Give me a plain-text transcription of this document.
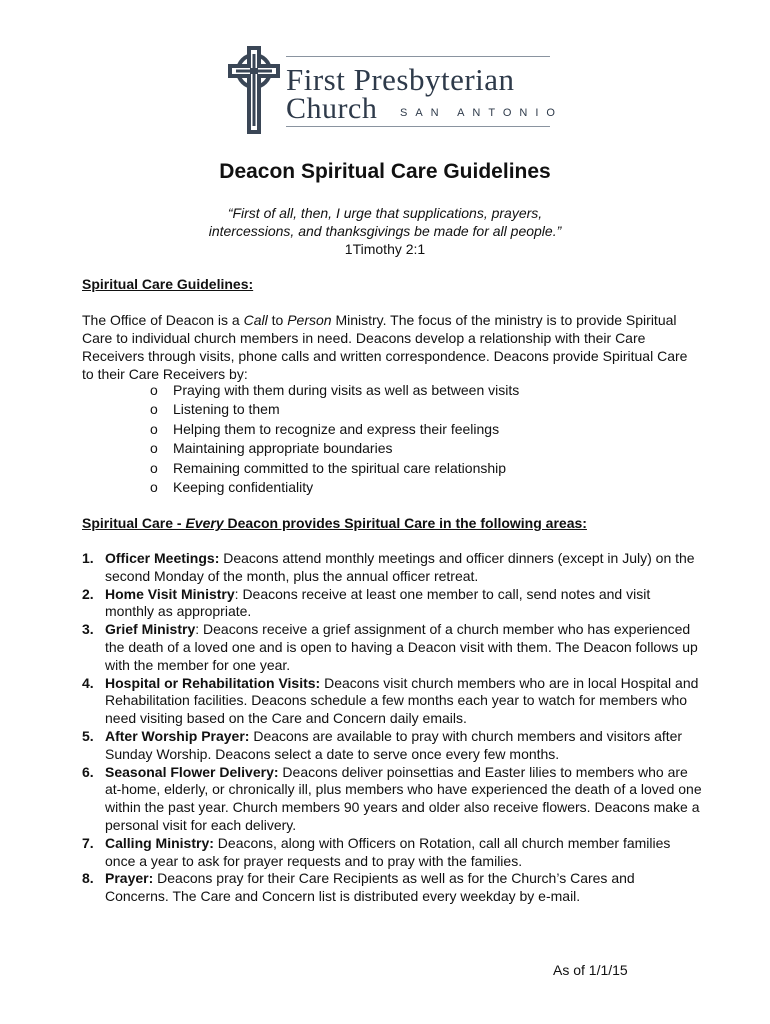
First Presbyterian
Church SAN ANTONIO
Deacon Spiritual Care Guidelines
“First of all, then, I urge that supplications, prayers,
intercessions, and thanksgivings be made for all people.”
1Timothy 2:1
Spiritual Care Guidelines:
The Office of Deacon is a Call to Person Ministry. The focus of the ministry is to provide Spiritual Care to individual church members in need. Deacons develop a relationship with their Care Receivers through visits, phone calls and written correspondence. Deacons provide Spiritual Care to their Care Receivers by:
o Praying with them during visits as well as between visits
o Listening to them
o Helping them to recognize and express their feelings
o Maintaining appropriate boundaries
o Remaining committed to the spiritual care relationship
o Keeping confidentiality
Spiritual Care - Every Deacon provides Spiritual Care in the following areas:
1. Officer Meetings: Deacons attend monthly meetings and officer dinners (except in July) on the second Monday of the month, plus the annual officer retreat.
2. Home Visit Ministry: Deacons receive at least one member to call, send notes and visit monthly as appropriate.
3. Grief Ministry: Deacons receive a grief assignment of a church member who has experienced the death of a loved one and is open to having a Deacon visit with them. The Deacon follows up with the member for one year.
4. Hospital or Rehabilitation Visits: Deacons visit church members who are in local Hospital and Rehabilitation facilities. Deacons schedule a few months each year to watch for members who need visiting based on the Care and Concern daily emails.
5. After Worship Prayer: Deacons are available to pray with church members and visitors after Sunday Worship. Deacons select a date to serve once every few months.
6. Seasonal Flower Delivery: Deacons deliver poinsettias and Easter lilies to members who are at-home, elderly, or chronically ill, plus members who have experienced the death of a loved one within the past year. Church members 90 years and older also receive flowers. Deacons make a personal visit for each delivery.
7. Calling Ministry: Deacons, along with Officers on Rotation, call all church member families once a year to ask for prayer requests and to pray with the families.
8. Prayer: Deacons pray for their Care Recipients as well as for the Church’s Cares and Concerns. The Care and Concern list is distributed every weekday by e-mail.
As of 1/1/15
